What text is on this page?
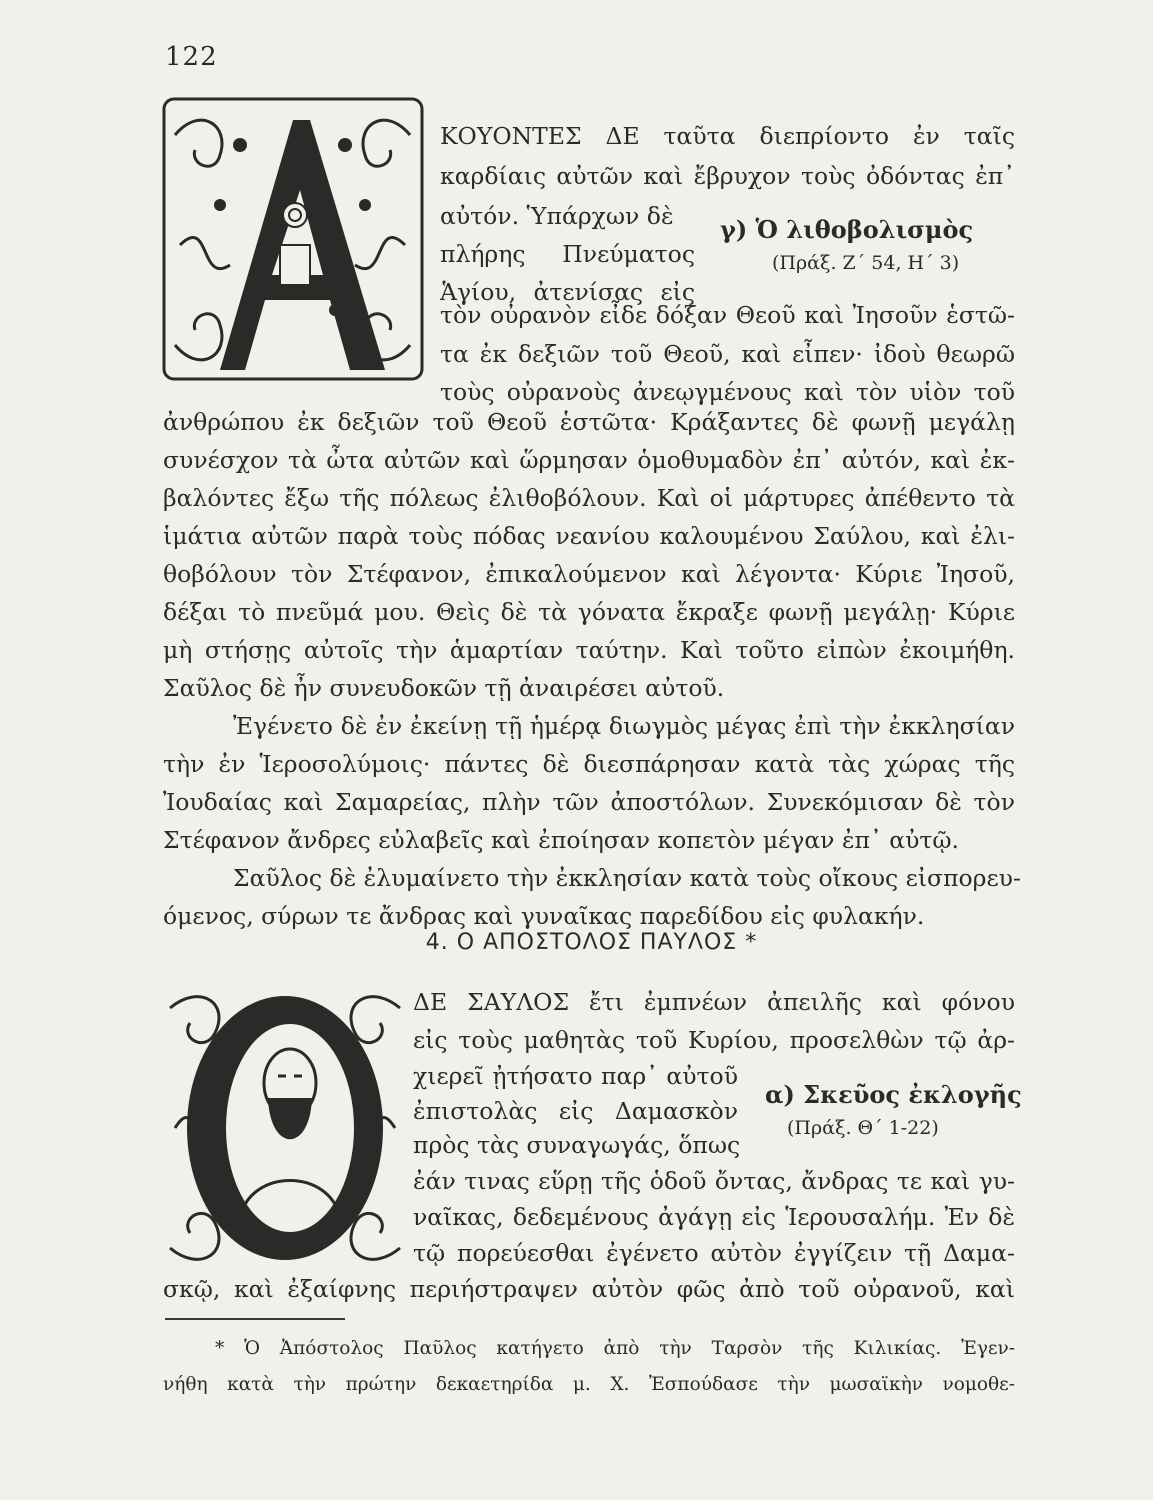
122
ΚΟΥΟΝΤΕΣ ΔΕ ταῦτα διεπρίοντο ἐν ταῖς
καρδίαις αὐτῶν καὶ ἔβρυχον τοὺς ὀδόντας ἐπ᾽
αὐτόν. Ὑπάρχων δὲ
πλήρης Πνεύματος
Ἁγίου, ἀτενίσας εἰς
γ) Ὁ λιθοβολισμὸς
(Πράξ. Ζ΄ 54, Η΄ 3)
τὸν οὐρανὸν εἶδε δόξαν Θεοῦ καὶ Ἰησοῦν ἑστῶ-
τα ἐκ δεξιῶν τοῦ Θεοῦ, καὶ εἶπεν· ἰδοὺ θεωρῶ
τοὺς οὐρανοὺς ἀνεῳγμένους καὶ τὸν υἱὸν τοῦ
ἀνθρώπου ἐκ δεξιῶν τοῦ Θεοῦ ἑστῶτα· Κράξαντες δὲ φωνῇ μεγάλῃ
συνέσχον τὰ ὦτα αὐτῶν καὶ ὥρμησαν ὁμοθυμαδὸν ἐπ᾽ αὐτόν, καὶ ἐκ-
βαλόντες ἔξω τῆς πόλεως ἐλιθοβόλουν. Καὶ οἱ μάρτυρες ἀπέθεντο τὰ
ἱμάτια αὐτῶν παρὰ τοὺς πόδας νεανίου καλουμένου Σαύλου, καὶ ἐλι-
θοβόλουν τὸν Στέφανον, ἐπικαλούμενον καὶ λέγοντα· Κύριε Ἰησοῦ,
δέξαι τὸ πνεῦμά μου. Θεὶς δὲ τὰ γόνατα ἔκραξε φωνῇ μεγάλῃ· Κύριε
μὴ στήσῃς αὐτοῖς τὴν ἁμαρτίαν ταύτην. Καὶ τοῦτο εἰπὼν ἐκοιμήθη.
Σαῦλος δὲ ἦν συνευδοκῶν τῇ ἀναιρέσει αὐτοῦ.
Ἐγένετο δὲ ἐν ἐκείνῃ τῇ ἡμέρᾳ διωγμὸς μέγας ἐπὶ τὴν ἐκκλησίαν
τὴν ἐν Ἱεροσολύμοις· πάντες δὲ διεσπάρησαν κατὰ τὰς χώρας τῆς
Ἰουδαίας καὶ Σαμαρείας, πλὴν τῶν ἀποστόλων. Συνεκόμισαν δὲ τὸν
Στέφανον ἄνδρες εὐλαβεῖς καὶ ἐποίησαν κοπετὸν μέγαν ἐπ᾽ αὐτῷ.
Σαῦλος δὲ ἐλυμαίνετο τὴν ἐκκλησίαν κατὰ τοὺς οἴκους εἰσπορευ-
όμενος, σύρων τε ἄνδρας καὶ γυναῖκας παρεδίδου εἰς φυλακήν.
4. Ο ΑΠΟΣΤΟΛΟΣ ΠΑΥΛΟΣ *
ΔΕ ΣΑΥΛΟΣ ἔτι ἐμπνέων ἀπειλῆς καὶ φόνου
εἰς τοὺς μαθητὰς τοῦ Κυρίου, προσελθὼν τῷ ἀρ-
χιερεῖ ᾐτήσατο παρ᾽ αὐτοῦ
ἐπιστολὰς εἰς Δαμασκὸν
πρὸς τὰς συναγωγάς, ὅπως
α) Σκεῦος ἐκλογῆς
(Πράξ. Θ΄ 1-22)
ἐάν τινας εὕρῃ τῆς ὁδοῦ ὄντας, ἄνδρας τε καὶ γυ-
ναῖκας, δεδεμένους ἀγάγῃ εἰς Ἱερουσαλήμ. Ἐν δὲ
τῷ πορεύεσθαι ἐγένετο αὐτὸν ἐγγίζειν τῇ Δαμα-
σκῷ, καὶ ἐξαίφνης περιήστραψεν αὐτὸν φῶς ἀπὸ τοῦ οὐρανοῦ, καὶ
* Ὁ Ἀπόστολος Παῦλος κατήγετο ἀπὸ τὴν Ταρσὸν τῆς Κιλικίας. Ἐγεν-
νήθη κατὰ τὴν πρώτην δεκαετηρίδα μ. Χ. Ἐσπούδασε τὴν μωσαϊκὴν νομοθε-
